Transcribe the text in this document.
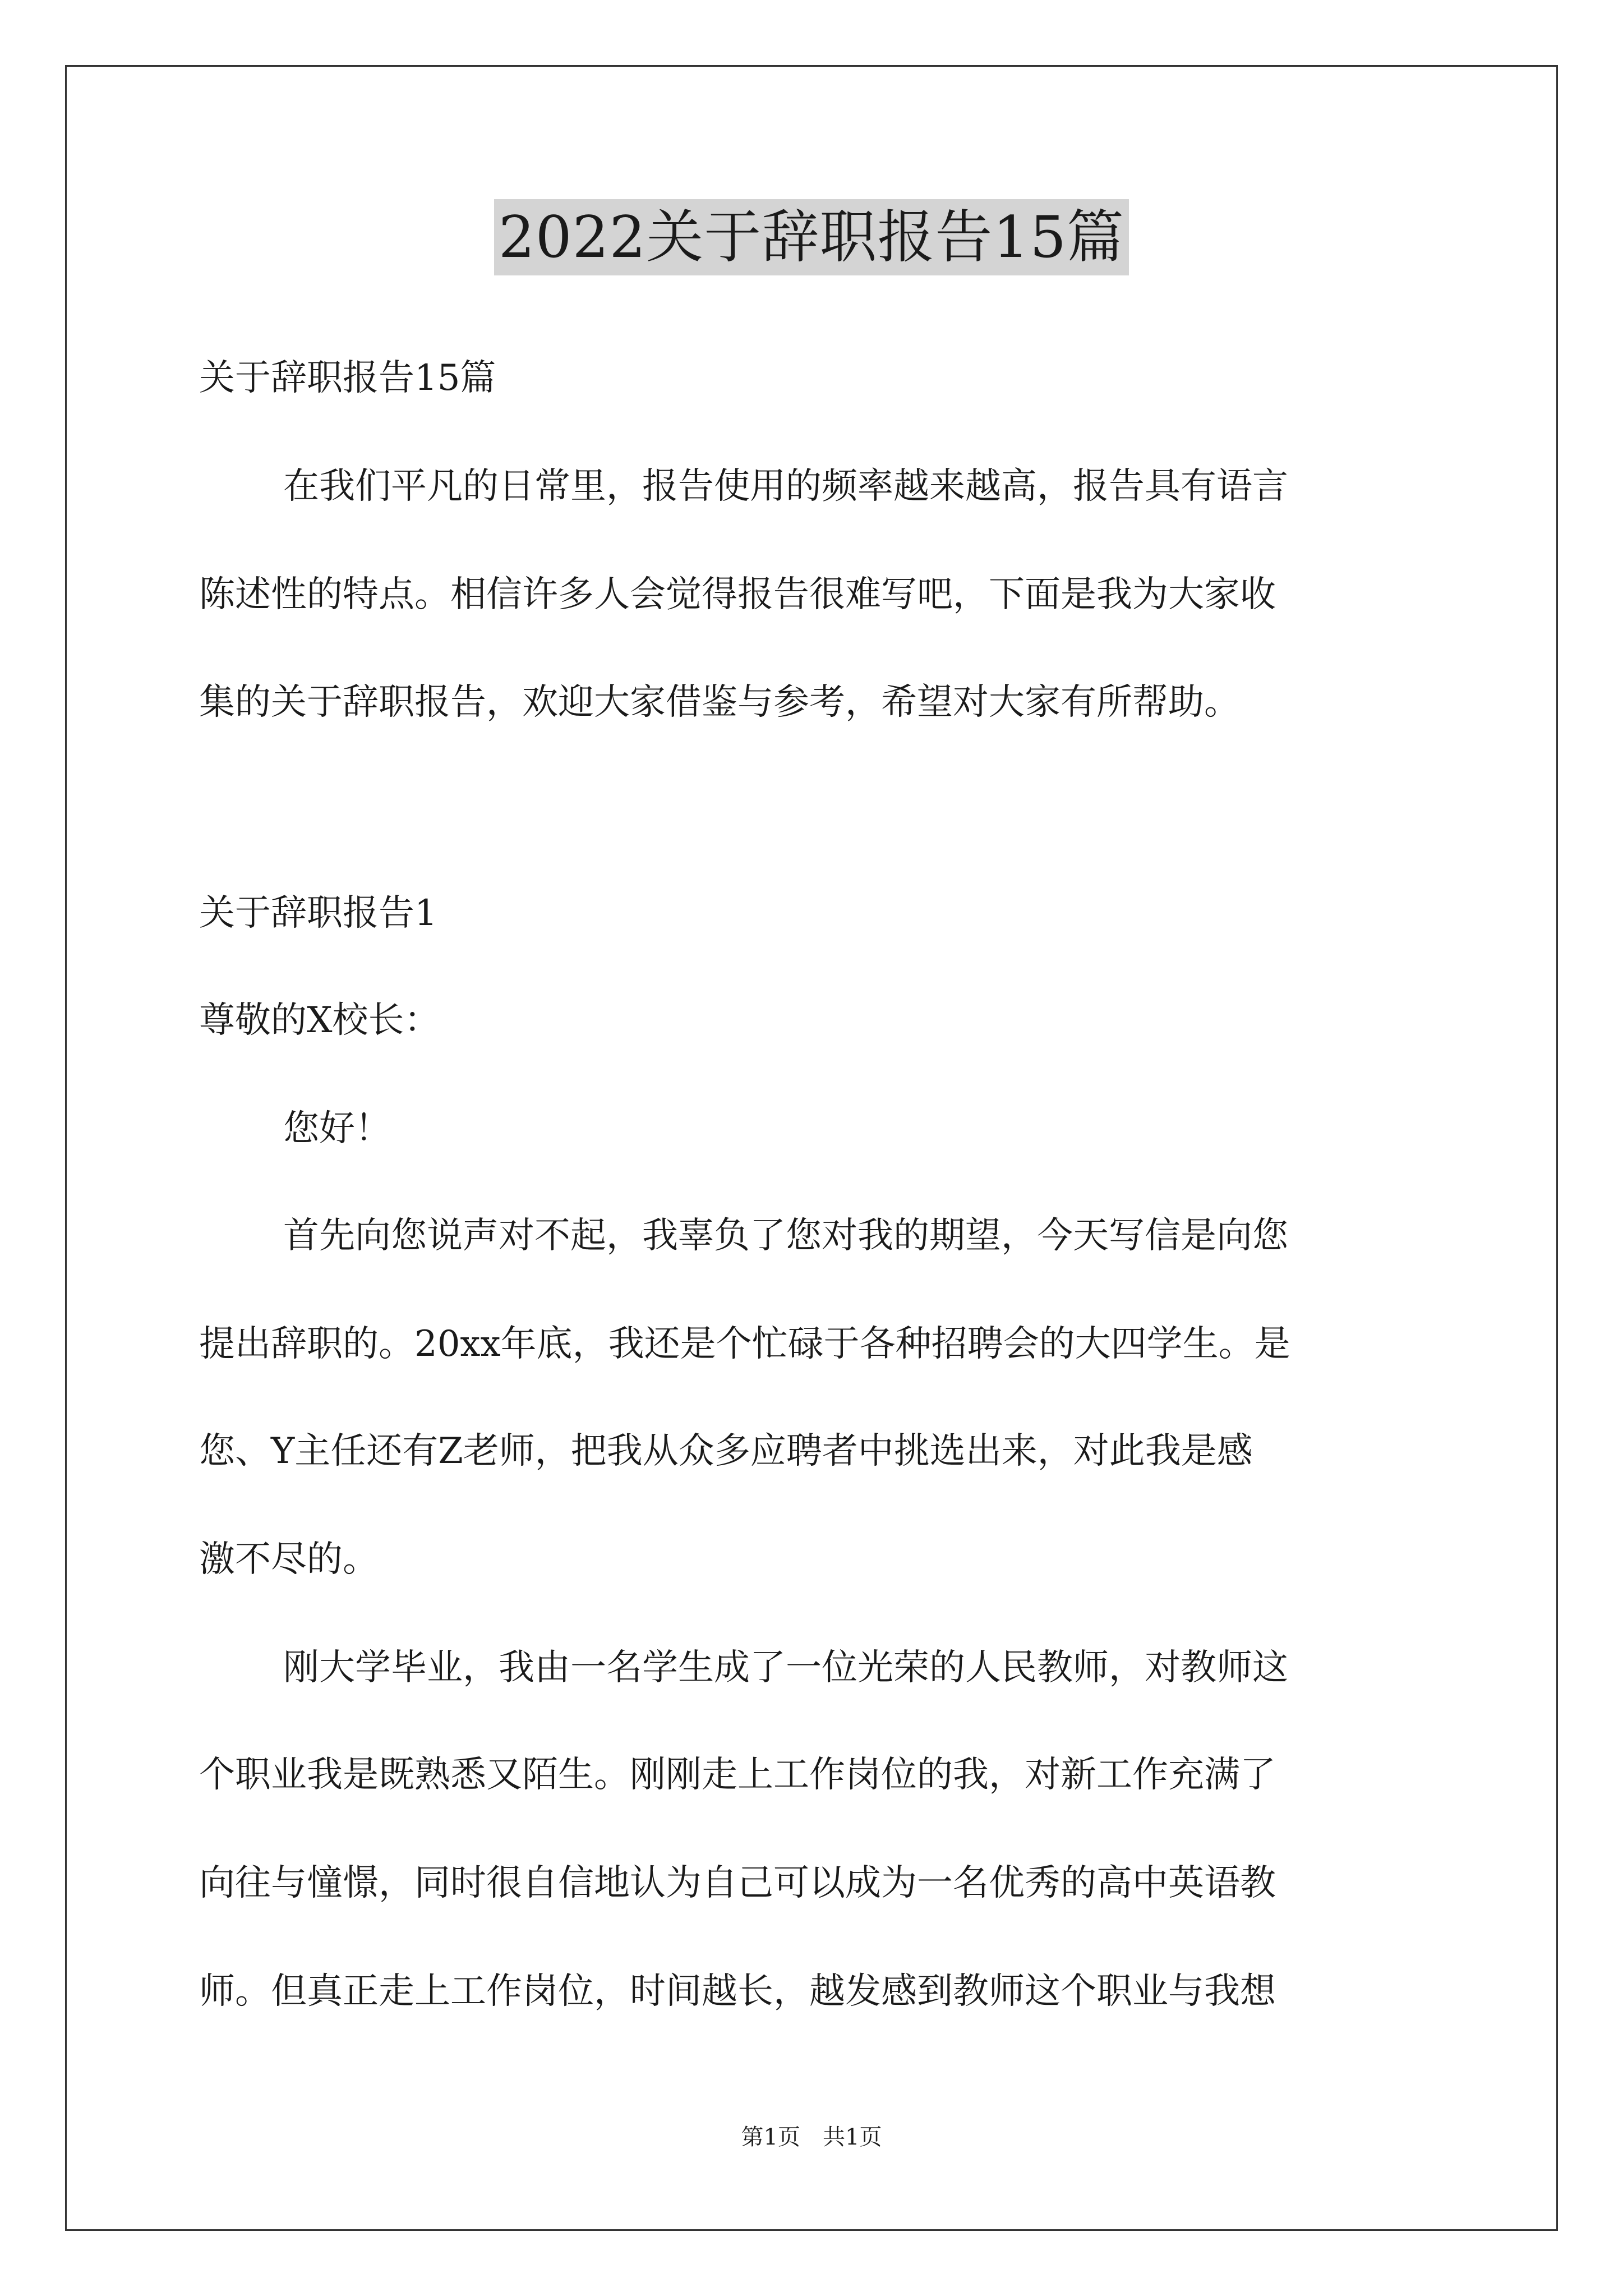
2022关于辞职报告15篇
关于辞职报告15篇
在我们平凡的日常里，报告使用的频率越来越高，报告具有语言
陈述性的特点。相信许多人会觉得报告很难写吧，下面是我为大家收
集的关于辞职报告，欢迎大家借鉴与参考，希望对大家有所帮助。
关于辞职报告1
尊敬的X校长：
您好！
首先向您说声对不起，我辜负了您对我的期望，今天写信是向您
提出辞职的。20xx年底，我还是个忙碌于各种招聘会的大四学生。是
您、Y主任还有Z老师，把我从众多应聘者中挑选出来，对此我是感
激不尽的。
刚大学毕业，我由一名学生成了一位光荣的人民教师，对教师这
个职业我是既熟悉又陌生。刚刚走上工作岗位的我，对新工作充满了
向往与憧憬，同时很自信地认为自己可以成为一名优秀的高中英语教
师。但真正走上工作岗位，时间越长，越发感到教师这个职业与我想
第1页　共1页
